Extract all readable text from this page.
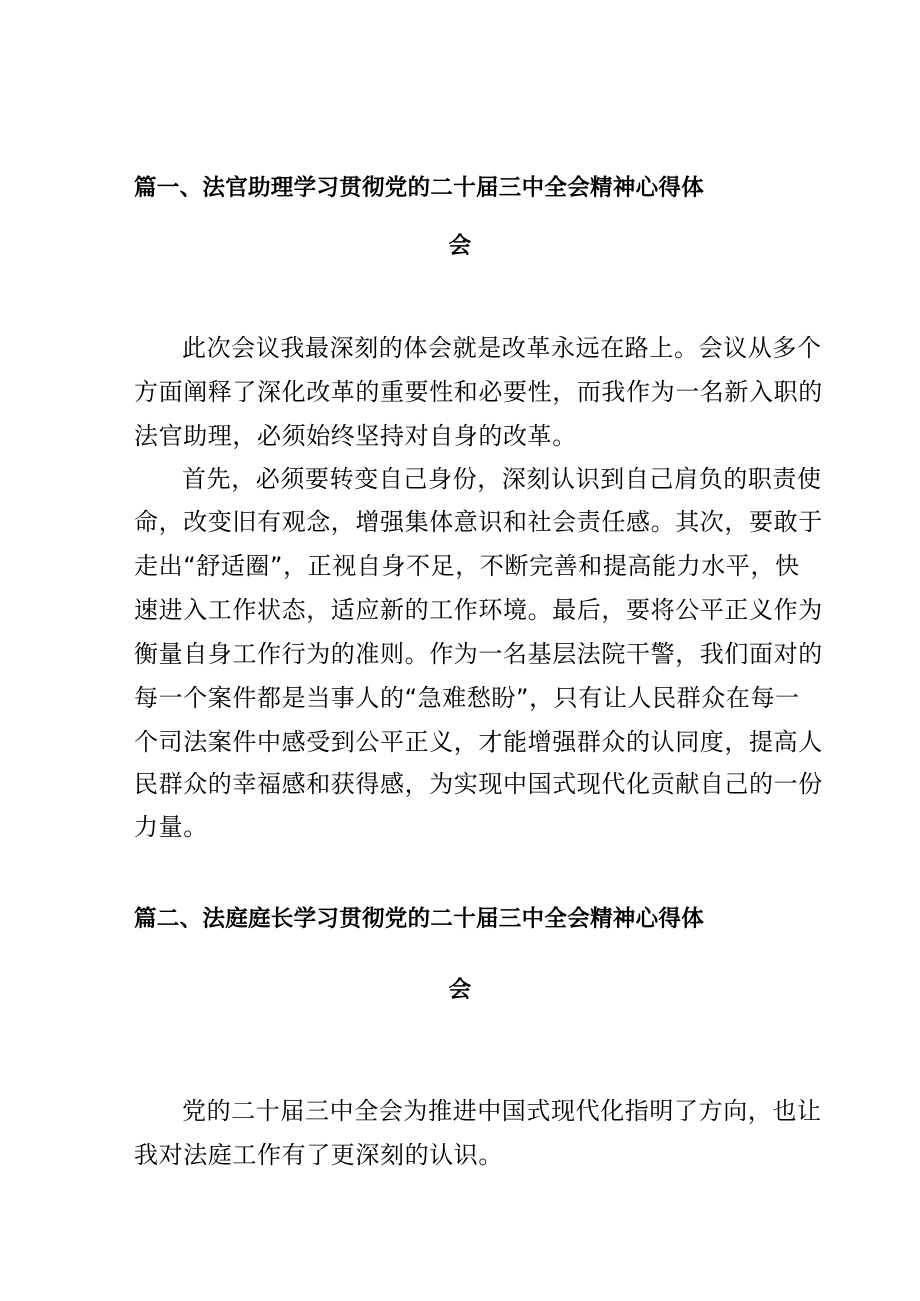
篇一、法官助理学习贯彻党的二十届三中全会精神心得体
会
此次会议我最深刻的体会就是改革永远在路上。会议从多个
方面阐释了深化改革的重要性和必要性，而我作为一名新入职的
法官助理，必须始终坚持对自身的改革。
首先，必须要转变自己身份，深刻认识到自己肩负的职责使
命，改变旧有观念，增强集体意识和社会责任感。其次，要敢于
走出“舒适圈”，正视自身不足，不断完善和提高能力水平，快
速进入工作状态，适应新的工作环境。最后，要将公平正义作为
衡量自身工作行为的准则。作为一名基层法院干警，我们面对的
每一个案件都是当事人的“急难愁盼”，只有让人民群众在每一
个司法案件中感受到公平正义，才能增强群众的认同度，提高人
民群众的幸福感和获得感，为实现中国式现代化贡献自己的一份
力量。
篇二、法庭庭长学习贯彻党的二十届三中全会精神心得体
会
党的二十届三中全会为推进中国式现代化指明了方向，也让
我对法庭工作有了更深刻的认识。
